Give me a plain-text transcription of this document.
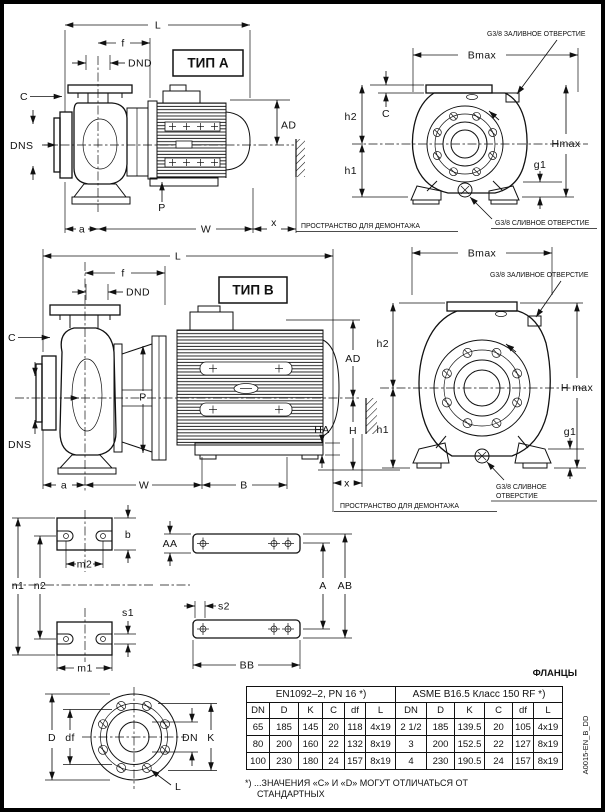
L
f
DND	ТИП A
C
DNS
AD
P
a	W
x	ПРОСТРАНСТВО ДЛЯ ДЕМОНТАЖА
Bmax
G3/8 ЗАЛИВНОЕ ОТВЕРСТИЕ
G3/8 СЛИВНОЕ ОТВЕРСТИЕ
h2
h1
C
Hmax
g1
L
f
DND	ТИП B
C
DNS
P
AD
H
HA
a	W	B	x
ПРОСТРАНСТВО ДЛЯ ДЕМОНТАЖА
Bmax
G3/8 ЗАЛИВНОЕ ОТВЕРСТИЕ
G3/8 СЛИВНОЕ
ОТВЕРСТИЕ
h2
h1
H max
g1
b
m2
n1 n2
s1
m1
AA
s2
A AB
BB
D df	DN K
L
ФЛАНЦЫ
EN1092–2, PN 16 *)						ASME B16.5 Класс 150 RF *)					
DN	D	K	C	df	L	DN	D	K	C	df	L
65	185	145	20	118	4x19	2 1/2	185	139.5	20	105	4x19
80	200	160	22	132	8x19	3	200	152.5	22	127	8x19
100	230	180	24	157	8x19	4	230	190.5	24	157	8x19
*) ...ЗНАЧЕНИЯ «С» И «D» МОГУТ ОТЛИЧАТЬСЯ ОТ
СТАНДАРТНЫХ
A0015-EN_B_DD
